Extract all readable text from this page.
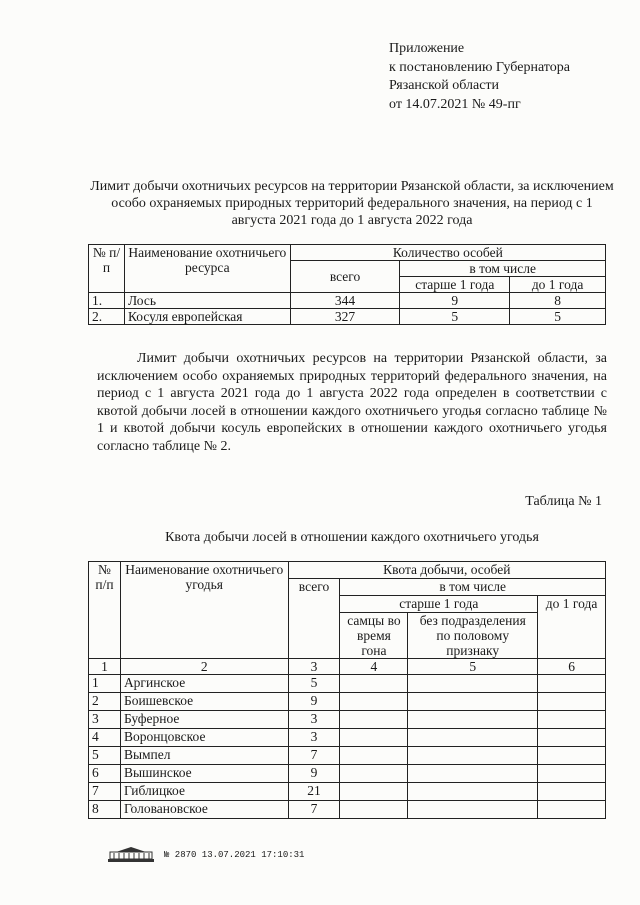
Приложение
к постановлению Губернатора
Рязанской области
от 14.07.2021 № 49-пг
Лимит добычи охотничьих ресурсов на территории Рязанской области, за исключением особо охраняемых природных территорий федерального значения, на период с 1 августа 2021 года до 1 августа 2022 года
№ п/п	Наименование охотничьего ресурса	Количество особей		
		всего	в том числе	
			старше 1 года	до 1 года
1.	Лось	344	9	8
2.	Косуля европейская	327	5	5
Лимит добычи охотничьих ресурсов на территории Рязанской области, за исключением особо охраняемых природных территорий федерального значения, на период с 1 августа 2021 года до 1 августа 2022 года определен в соответствии с квотой добычи лосей в отношении каждого охотничьего угодья согласно таблице № 1 и квотой добычи косуль европейских в отношении каждого охотничьего угодья согласно таблице № 2.
Таблица № 1
Квота добычи лосей в отношении каждого охотничьего угодья
№ п/п	Наименование охотничьего угодья	Квота добычи, особей			
		всего	в том числе		
			старше 1 года		до 1 года
			самцы во время гона	без подразделения по половому признаку	
1	2	3	4	5	6
1	Аргинское	5			
2	Боишевское	9			
3	Буферное	3			
4	Воронцовское	3			
5	Вымпел	7			
6	Вышинское	9			
7	Гиблицкое	21			
8	Головановское	7			
№ 2870 13.07.2021 17:10:31
